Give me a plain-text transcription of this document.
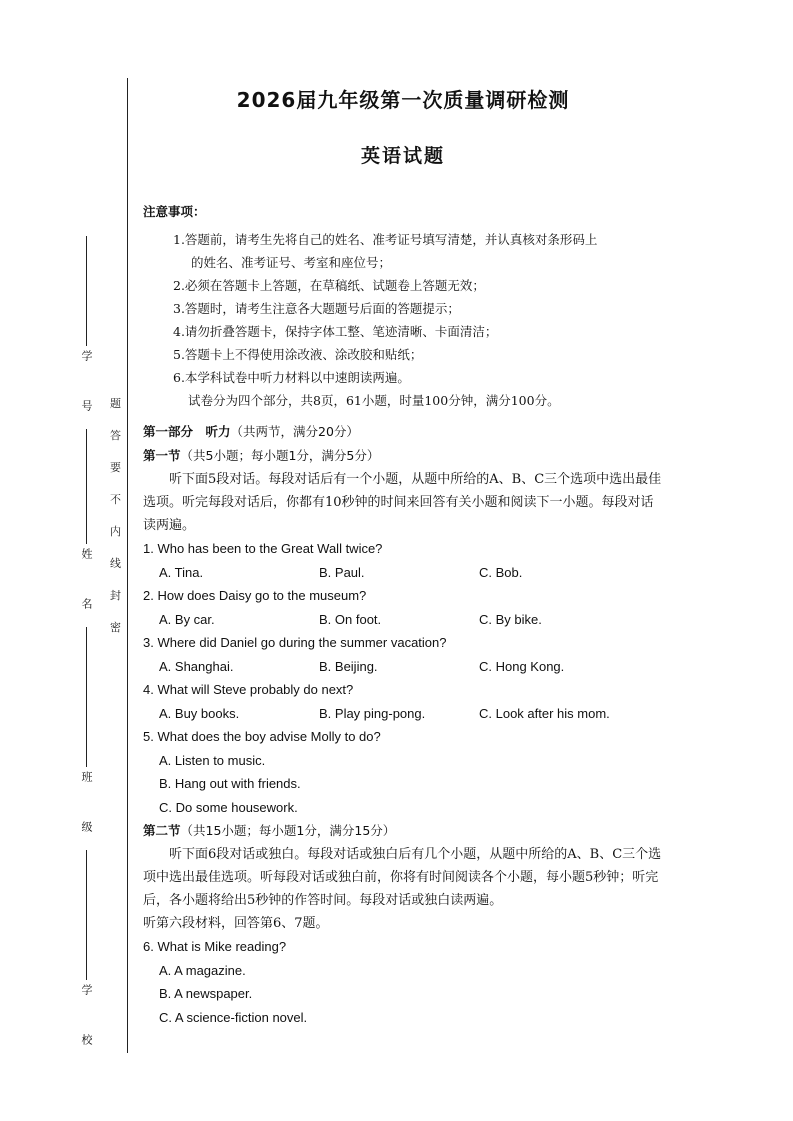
学　号
姓　名
班　级
学　校
题
答
要
不
内
线
封
密
2026届九年级第一次质量调研检测
英语试题
注意事项：
1.答题前，请考生先将自己的姓名、准考证号填写清楚，并认真核对条形码上
的姓名、准考证号、考室和座位号；
2.必须在答题卡上答题，在草稿纸、试题卷上答题无效；
3.答题时，请考生注意各大题题号后面的答题提示；
4.请勿折叠答题卡，保持字体工整、笔迹清晰、卡面清洁；
5.答题卡上不得使用涂改液、涂改胶和贴纸；
6.本学科试卷中听力材料以中速朗读两遍。
试卷分为四个部分，共8页，61小题，时量100分钟，满分100分。
第一部分　听力（共两节，满分20分）
第一节（共5小题；每小题1分，满分5分）

听下面5段对话。每段对话后有一个小题，从题中所给的A、B、C三个选项中选出最佳选项。听完每段对话后，你都有10秒钟的时间来回答有关小题和阅读下一小题。每段对话读两遍。

1. Who has been to the Great Wall twice?

A. Tina.	B. Paul.	C. Bob.

2. How does Daisy go to the museum?

A. By car.	B. On foot.	C. By bike.

3. Where did Daniel go during the summer vacation?

A. Shanghai.	B. Beijing.	C. Hong Kong.

4. What will Steve probably do next?

A. Buy books.	B. Play ping-pong.	C. Look after his mom.

5. What does the boy advise Molly to do?

A. Listen to music.

B. Hang out with friends.

C. Do some housework.

第二节（共15小题；每小题1分，满分15分）

听下面6段对话或独白。每段对话或独白后有几个小题，从题中所给的A、B、C三个选项中选出最佳选项。听每段对话或独白前，你将有时间阅读各个小题，每小题5秒钟；听完后，各小题将给出5秒钟的作答时间。每段对话或独白读两遍。

听第六段材料，回答第6、7题。

6. What is Mike reading?

A. A magazine.

B. A newspaper.

C. A science-fiction novel.
